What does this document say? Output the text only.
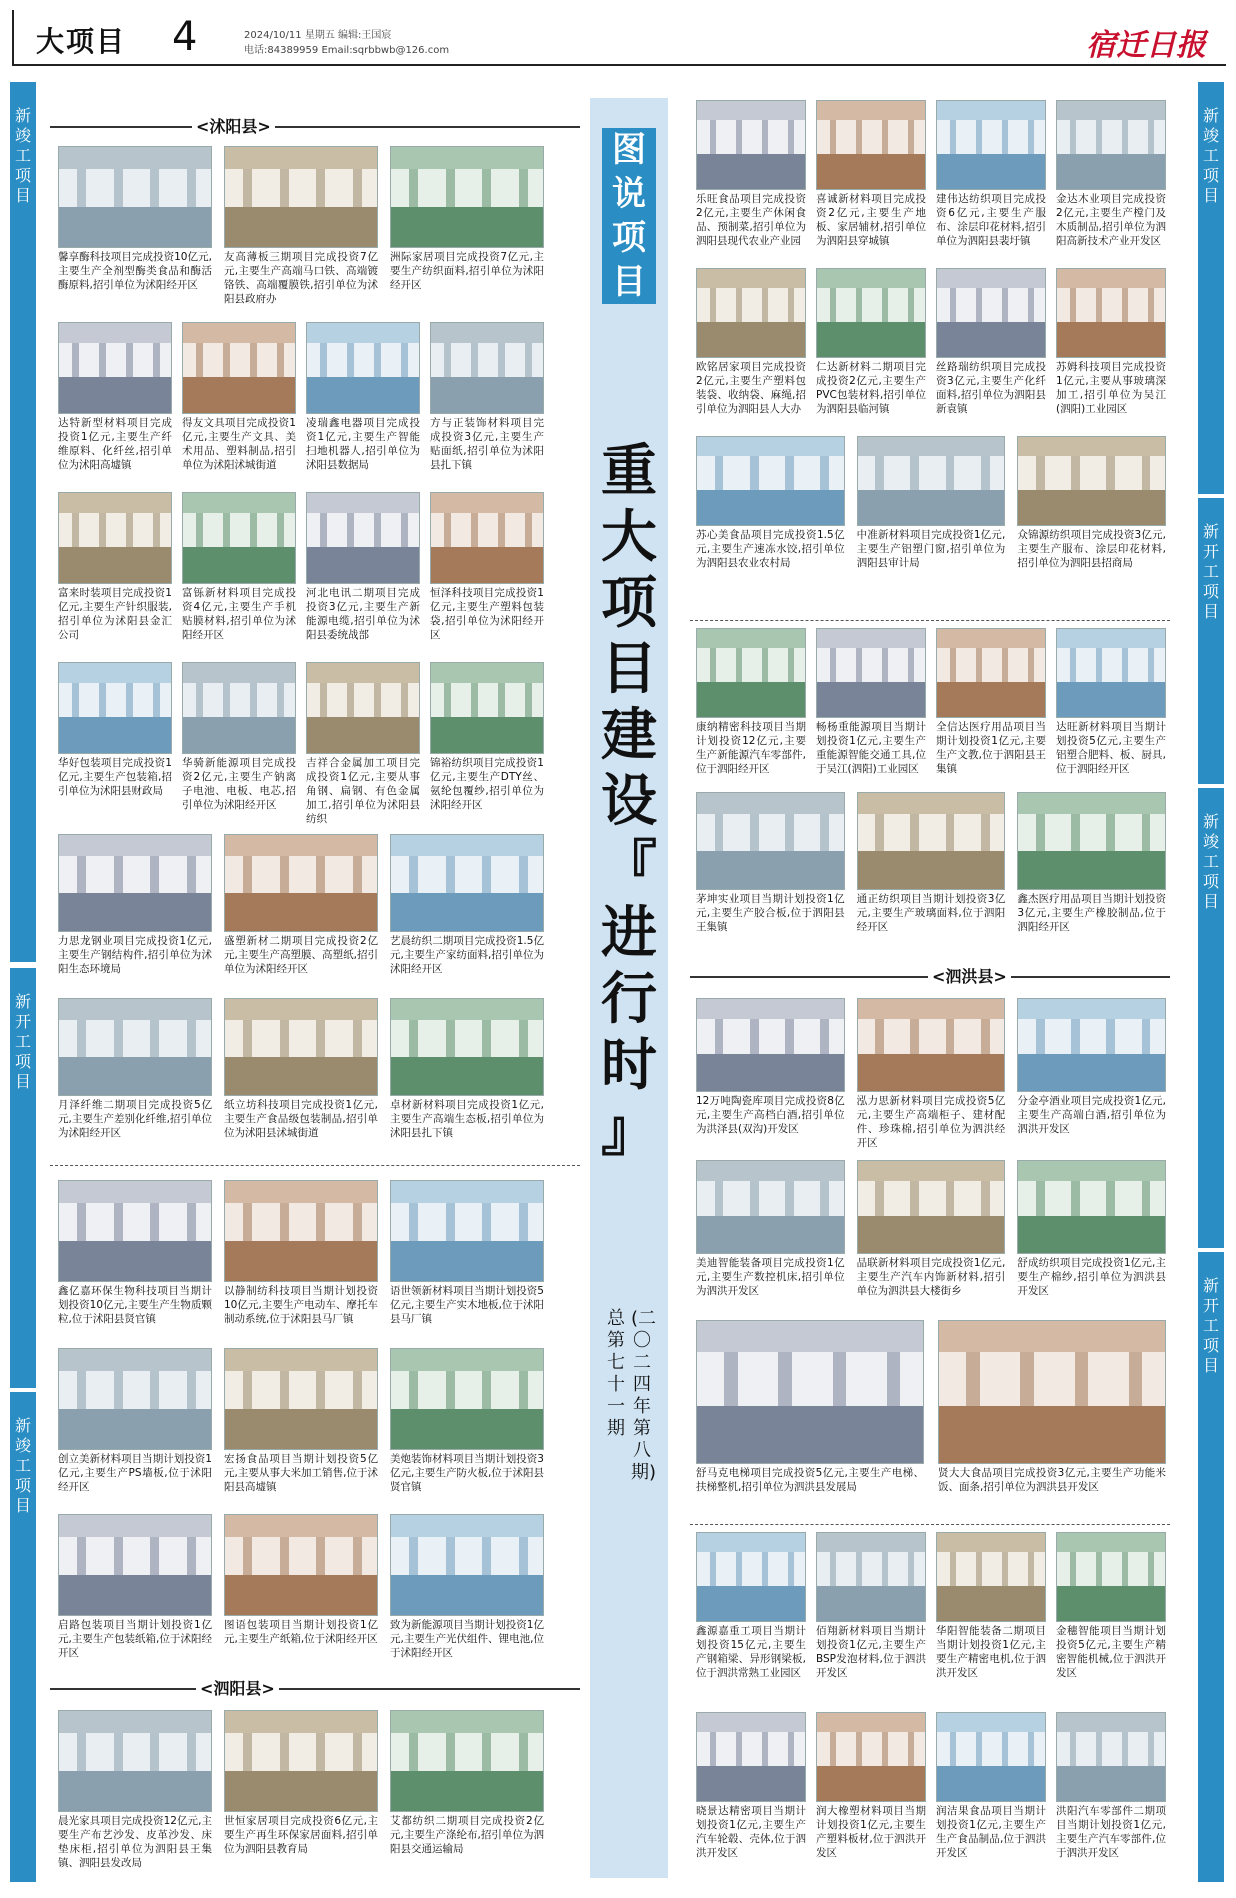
大项目 4	2024/10/11 星期五 编辑:王国宸
电话:84389959 Email:sqrbbwb@126.com	宿迁日报
新
竣
工
项
目
新
开
工
项
目
新
竣
工
项
目
新
竣
工
项
目
新
开
工
项
目
新
竣
工
项
目
新
开
工
项
目
<沭阳县>
<泗阳县>
<泗洪县>
馨享酶科技项目完成投资10亿元,主要生产全剂型酶类食品和酶活酶原料,招引单位为沭阳经开区
友高薄板三期项目完成投资7亿元,主要生产高端马口铁、高端镀铬铁、高端覆膜铁,招引单位为沭阳县政府办
洲际家居项目完成投资7亿元,主要生产纺织面料,招引单位为沭阳经开区
达特新型材料项目完成投资1亿元,主要生产纤维原料、化纤丝,招引单位为沭阳高墟镇
得友文具项目完成投资1亿元,主要生产文具、美术用品、塑料制品,招引单位为沭阳沭城街道
凌瑞鑫电器项目完成投资1亿元,主要生产智能扫地机器人,招引单位为沭阳县数据局
方与正装饰材料项目完成投资3亿元,主要生产贴面纸,招引单位为沭阳县扎下镇
富来时装项目完成投资1亿元,主要生产针织服装,招引单位为沭阳县金汇公司
富铄新材料项目完成投资4亿元,主要生产手机贴膜材料,招引单位为沭阳经开区
河北电讯二期项目完成投资3亿元,主要生产新能源电缆,招引单位为沭阳县委统战部
恒泽科技项目完成投资1亿元,主要生产塑料包装袋,招引单位为沭阳经开区
华好包装项目完成投资1亿元,主要生产包装箱,招引单位为沭阳县财政局
华骑新能源项目完成投资2亿元,主要生产钠离子电池、电板、电芯,招引单位为沭阳经开区
吉祥合金属加工项目完成投资1亿元,主要从事角钢、扁钢、有色金属加工,招引单位为沭阳县纺织
锦裕纺织项目完成投资1亿元,主要生产DTY丝、氨纶包覆纱,招引单位为沭阳经开区
力思龙钢业项目完成投资1亿元,主要生产钢结构件,招引单位为沭阳生态环境局
盛塑新材二期项目完成投资2亿元,主要生产高塑膜、高塑纸,招引单位为沭阳经开区
艺晨纺织二期项目完成投资1.5亿元,主要生产家纺面料,招引单位为沭阳经开区
月泽纤维二期项目完成投资5亿元,主要生产差别化纤维,招引单位为沭阳经开区
纸立坊科技项目完成投资1亿元,主要生产食品级包装制品,招引单位为沭阳县沭城街道
卓材新材料项目完成投资1亿元,主要生产高端生态板,招引单位为沭阳县扎下镇
鑫亿嘉环保生物科技项目当期计划投资10亿元,主要生产生物质颗粒,位于沭阳县贤官镇
以静制纺科技项目当期计划投资10亿元,主要生产电动车、摩托车制动系统,位于沭阳县马厂镇
语世领新材料项目当期计划投资5亿元,主要生产实木地板,位于沭阳县马厂镇
创立美新材料项目当期计划投资1亿元,主要生产PS墙板,位于沭阳经开区
宏扬食品项目当期计划投资5亿元,主要从事大米加工销售,位于沭阳县高墟镇
美炮装饰材料项目当期计划投资3亿元,主要生产防火板,位于沭阳县贤官镇
启路包装项目当期计划投资1亿元,主要生产包装纸箱,位于沭阳经开区
图语包装项目当期计划投资1亿元,主要生产纸箱,位于沭阳经开区
致为新能源项目当期计划投资1亿元,主要生产光伏组件、锂电池,位于沭阳经开区
晨光家具项目完成投资12亿元,主要生产布艺沙发、皮革沙发、床垫床柜,招引单位为泗阳县王集镇、泗阳县发改局
世恒家居项目完成投资6亿元,主要生产再生环保家居面料,招引单位为泗阳县教育局
艾都纺织二期项目完成投资2亿元,主要生产涤纶布,招引单位为泗阳县交通运输局
乐旺食品项目完成投资2亿元,主要生产休闲食品、预制菜,招引单位为泗阳县现代农业产业园
喜诚新材料项目完成投资2亿元,主要生产地板、家居辅材,招引单位为泗阳县穿城镇
建伟达纺织项目完成投资6亿元,主要生产服布、涂层印花材料,招引单位为泗阳县裴圩镇
金达木业项目完成投资2亿元,主要生产樘门及木质制品,招引单位为泗阳高新技术产业开发区
欧铭居家项目完成投资2亿元,主要生产塑料包装袋、收纳袋、麻绳,招引单位为泗阳县人大办
仁达新材料二期项目完成投资2亿元,主要生产PVC包装材料,招引单位为泗阳县临河镇
丝路瑞纺织项目完成投资3亿元,主要生产化纤面料,招引单位为泗阳县新袁镇
苏姆科技项目完成投资1亿元,主要从事玻璃深加工,招引单位为吴江(泗阳)工业园区
苏心美食品项目完成投资1.5亿元,主要生产速冻水饺,招引单位为泗阳县农业农村局
中准新材料项目完成投资1亿元,主要生产铝塑门窗,招引单位为泗阳县审计局
众锦源纺织项目完成投资3亿元,主要生产服布、涂层印花材料,招引单位为泗阳县招商局
康纳精密科技项目当期计划投资12亿元,主要生产新能源汽车零部件,位于泗阳经开区
畅杨重能源项目当期计划投资1亿元,主要生产重能源智能交通工具,位于吴江(泗阳)工业园区
全信达医疗用品项目当期计划投资1亿元,主要生产文教,位于泗阳县王集镇
达旺新材料项目当期计划投资5亿元,主要生产铝塑合肥料、板、厨具,位于泗阳经开区
茅坤实业项目当期计划投资1亿元,主要生产胶合板,位于泗阳县王集镇
通正纺织项目当期计划投资3亿元,主要生产玻璃面料,位于泗阳经开区
鑫杰医疗用品项目当期计划投资3亿元,主要生产橡胶制品,位于泗阳经开区
12万吨陶瓷库项目完成投资8亿元,主要生产高档白酒,招引单位为洪泽县(双沟)开发区
泓力思新材料项目完成投资5亿元,主要生产高端柜子、建材配件、珍珠棉,招引单位为泗洪经开区
分金亭酒业项目完成投资1亿元,主要生产高端白酒,招引单位为泗洪开发区
美迪智能装备项目完成投资1亿元,主要生产数控机床,招引单位为泗洪开发区
品联新材料项目完成投资1亿元,主要生产汽车内饰新材料,招引单位为泗洪县大楼街乡
舒成纺织项目完成投资1亿元,主要生产棉纱,招引单位为泗洪县开发区
舒马克电梯项目完成投资5亿元,主要生产电梯、扶梯整机,招引单位为泗洪县发展局
贤大大食品项目完成投资3亿元,主要生产功能米饭、面条,招引单位为泗洪县开发区
鑫源嘉重工项目当期计划投资15亿元,主要生产钢箱梁、异形钢梁板,位于泗洪常熟工业园区
佰翔新材料项目当期计划投资1亿元,主要生产BSP发泡材料,位于泗洪开发区
华阳智能装备二期项目当期计划投资1亿元,主要生产精密电机,位于泗洪开发区
金穗智能项目当期计划投资5亿元,主要生产精密智能机械,位于泗洪开发区
晓景达精密项目当期计划投资1亿元,主要生产汽车轮毂、壳体,位于泗洪开发区
润大橡塑材料项目当期计划投资1亿元,主要生产塑料板材,位于泗洪开发区
润洁果食品项目当期计划投资1亿元,主要生产生产食品制品,位于泗洪开发区
洪阳汽车零部件二期项目当期计划投资1亿元,主要生产汽车零部件,位于泗洪开发区
图说项目
重
大
项
目
建
设
『
进
行
时
』
(二〇二四年第八期)
总第七十一期
